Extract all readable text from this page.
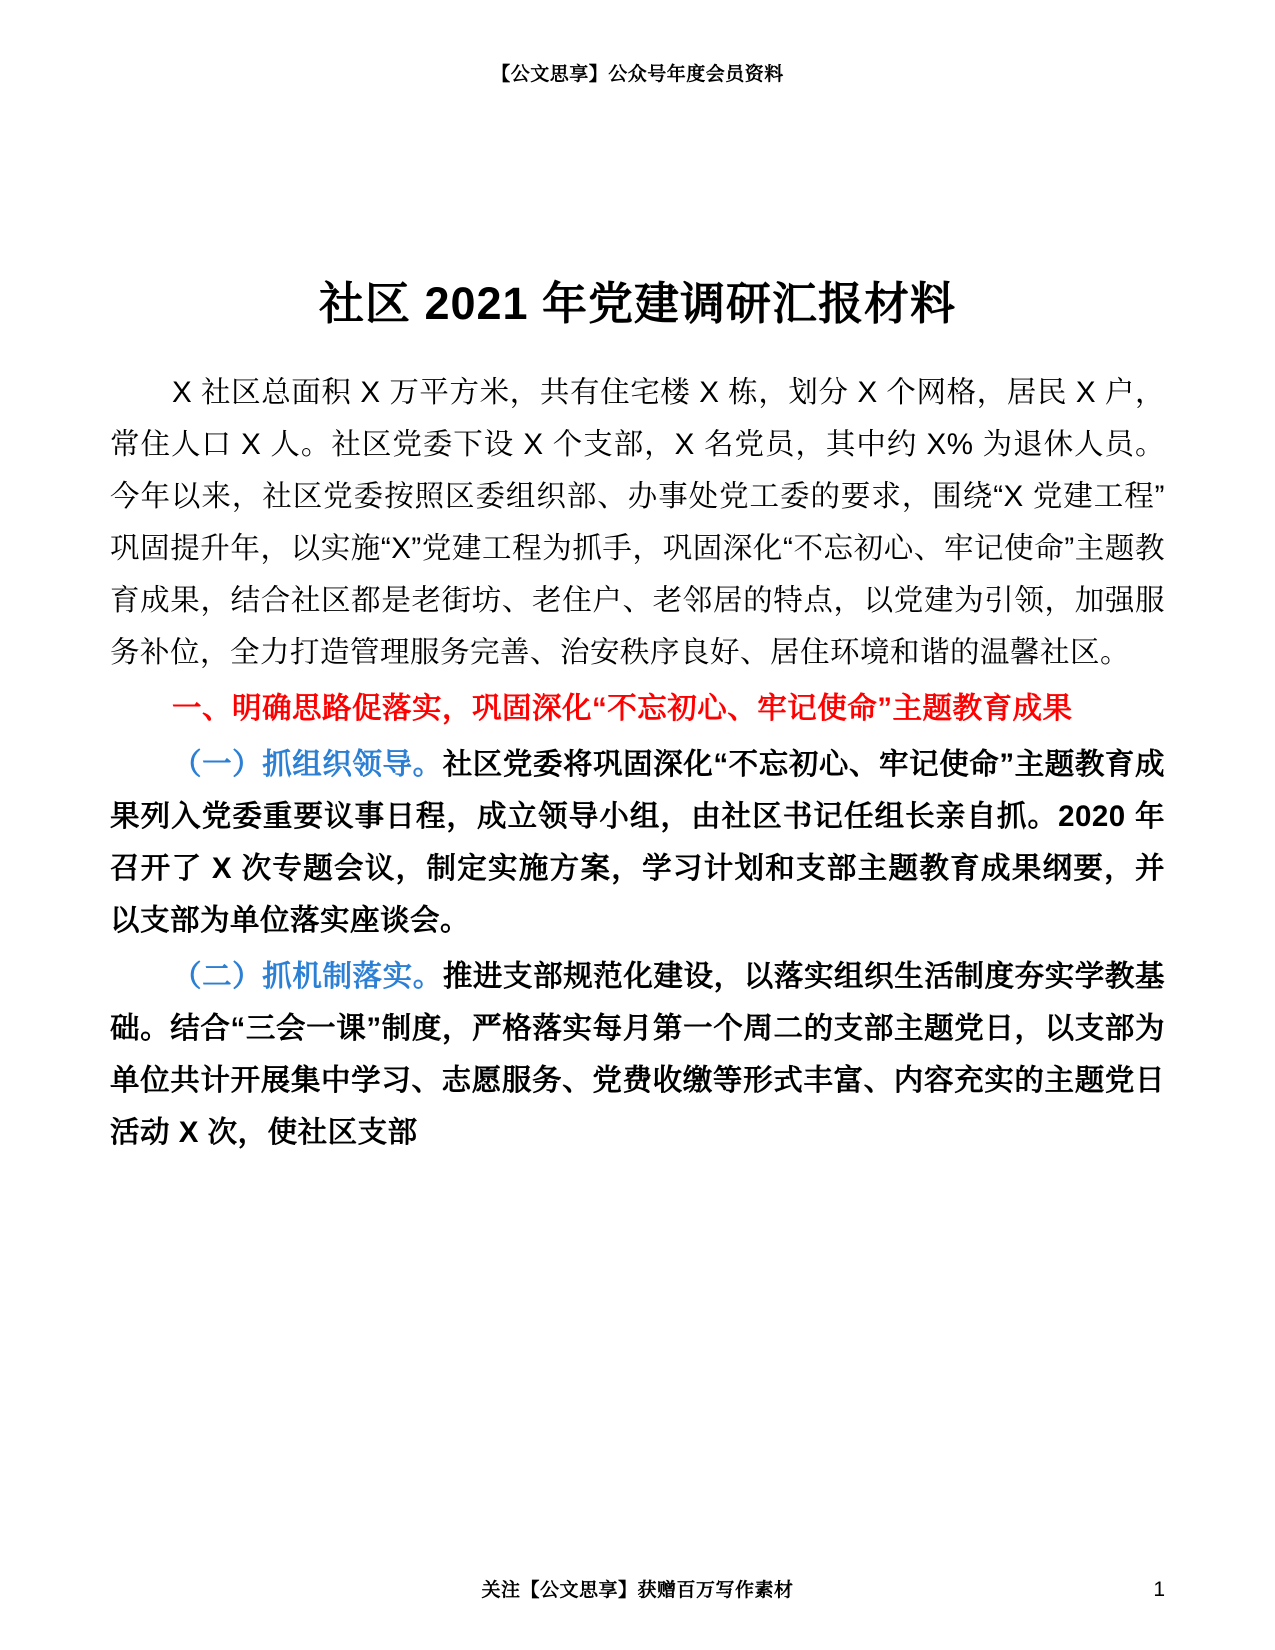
【公文思享】公众号年度会员资料
社区 2021 年党建调研汇报材料

X 社区总面积 X 万平方米，共有住宅楼 X 栋，划分 X 个网格，居民 X 户，常住人口 X 人。社区党委下设 X 个支部，X 名党员，其中约 X% 为退休人员。今年以来，社区党委按照区委组织部、办事处党工委的要求，围绕“X 党建工程”巩固提升年，以实施“X”党建工程为抓手，巩固深化“不忘初心、牢记使命”主题教育成果，结合社区都是老街坊、老住户、老邻居的特点，以党建为引领，加强服务补位，全力打造管理服务完善、治安秩序良好、居住环境和谐的温馨社区。

一、明确思路促落实，巩固深化“不忘初心、牢记使命”主题教育成果

（一）抓组织领导。社区党委将巩固深化“不忘初心、牢记使命”主题教育成果列入党委重要议事日程，成立领导小组，由社区书记任组长亲自抓。2020 年召开了 X 次专题会议，制定实施方案，学习计划和支部主题教育成果纲要，并以支部为单位落实座谈会。

（二）抓机制落实。推进支部规范化建设，以落实组织生活制度夯实学教基础。结合“三会一课”制度，严格落实每月第一个周二的支部主题党日，以支部为单位共计开展集中学习、志愿服务、党费收缴等形式丰富、内容充实的主题党日活动 X 次，使社区支部

关注【公文思享】获赠百万写作素材	1
